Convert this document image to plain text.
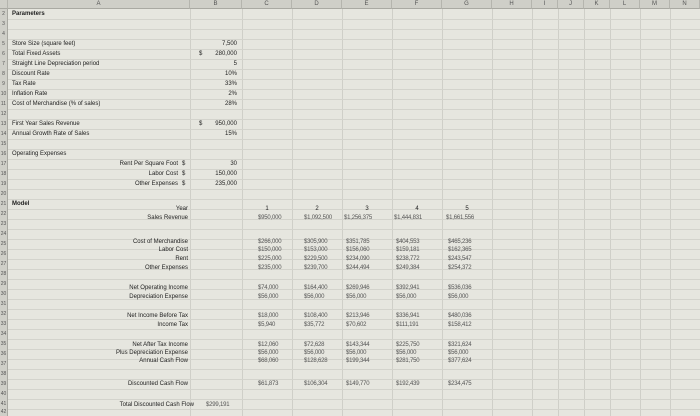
A	B	C	D	E	F	G	H	I	J	K	L	M	N
2
3
4
5
6
7
8
9
10
11
12
13
14
15
16
17
18
19
20
21
22
23
24
25
26
27
28
29
30
31
32
33
34
35
36
37
38
39
40
41
42
Parameters
Store Size (square feet)	7,500
Total Fixed Assets	$	280,000
Straight Line Depreciation period	5
Discount Rate	10%
Tax Rate	33%
Inflation Rate	2%
Cost of Merchandise (% of sales)	28%
First Year Sales Revenue	$	950,000
Annual Growth Rate of Sales	15%
Operating Expenses
Rent Per Square Foot $	30
Labor Cost $	150,000
Other Expenses $	235,000
Model
Year	1	2	3	4	5
Sales Revenue	$950,000	$1,092,500 $1,256,375	$1,444,831	$1,661,556
Cost of Merchandise	$266,000	$305,900	$351,785	$404,553	$465,236
Labor Cost	$150,000	$153,000	$156,060	$159,181	$162,365
Rent	$225,000	$229,500	$234,090	$238,772	$243,547
Other Expenses	$235,000	$239,700	$244,494	$249,384	$254,372
Net Operating Income	$74,000	$164,400	$269,946	$392,941	$536,036
Depreciation Expense	$56,000	$56,000	$56,000	$56,000	$56,000
Net Income Before Tax	$18,000	$108,400	$213,946	$336,941	$480,036
Income Tax	$5,940	$35,772	$70,602	$111,191	$158,412
Net After Tax Income	$12,060	$72,628	$143,344	$225,750	$321,624
Plus Depreciation Expense	$56,000	$56,000	$56,000	$56,000	$56,000
Annual Cash Flow	$68,060	$128,628	$199,344	$281,750	$377,624
Discounted Cash Flow	$61,873	$106,304	$149,770	$192,439	$234,475
Total Discounted Cash Flow $299,191
